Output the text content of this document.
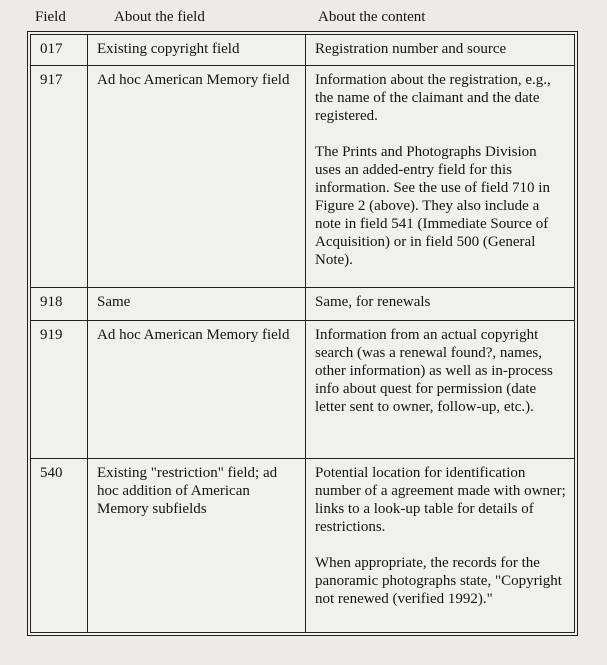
Field	About the field	About the content
017	Existing copyright field	Registration number and source

917	Ad hoc American Memory field	Information about the registration, e.g., the name of the claimant and the date registered.
The Prints and Photographs Division uses an added-entry field for this information. See the use of field 710 in Figure 2 (above). They also include a note in field 541 (Immediate Source of Acquisition) or in field 500 (General Note).

918	Same	Same, for renewals

919	Ad hoc American Memory field	Information from an actual copyright search (was a renewal found?, names, other information) as well as in-process info about quest for permission (date letter sent to owner, follow-up, etc.).

540	Existing "restriction" field; ad hoc addition of American Memory subfields	Potential location for identification number of a agreement made with owner; links to a look-up table for details of restrictions.
When appropriate, the records for the panoramic photographs state, "Copyright not renewed (verified 1992)."
